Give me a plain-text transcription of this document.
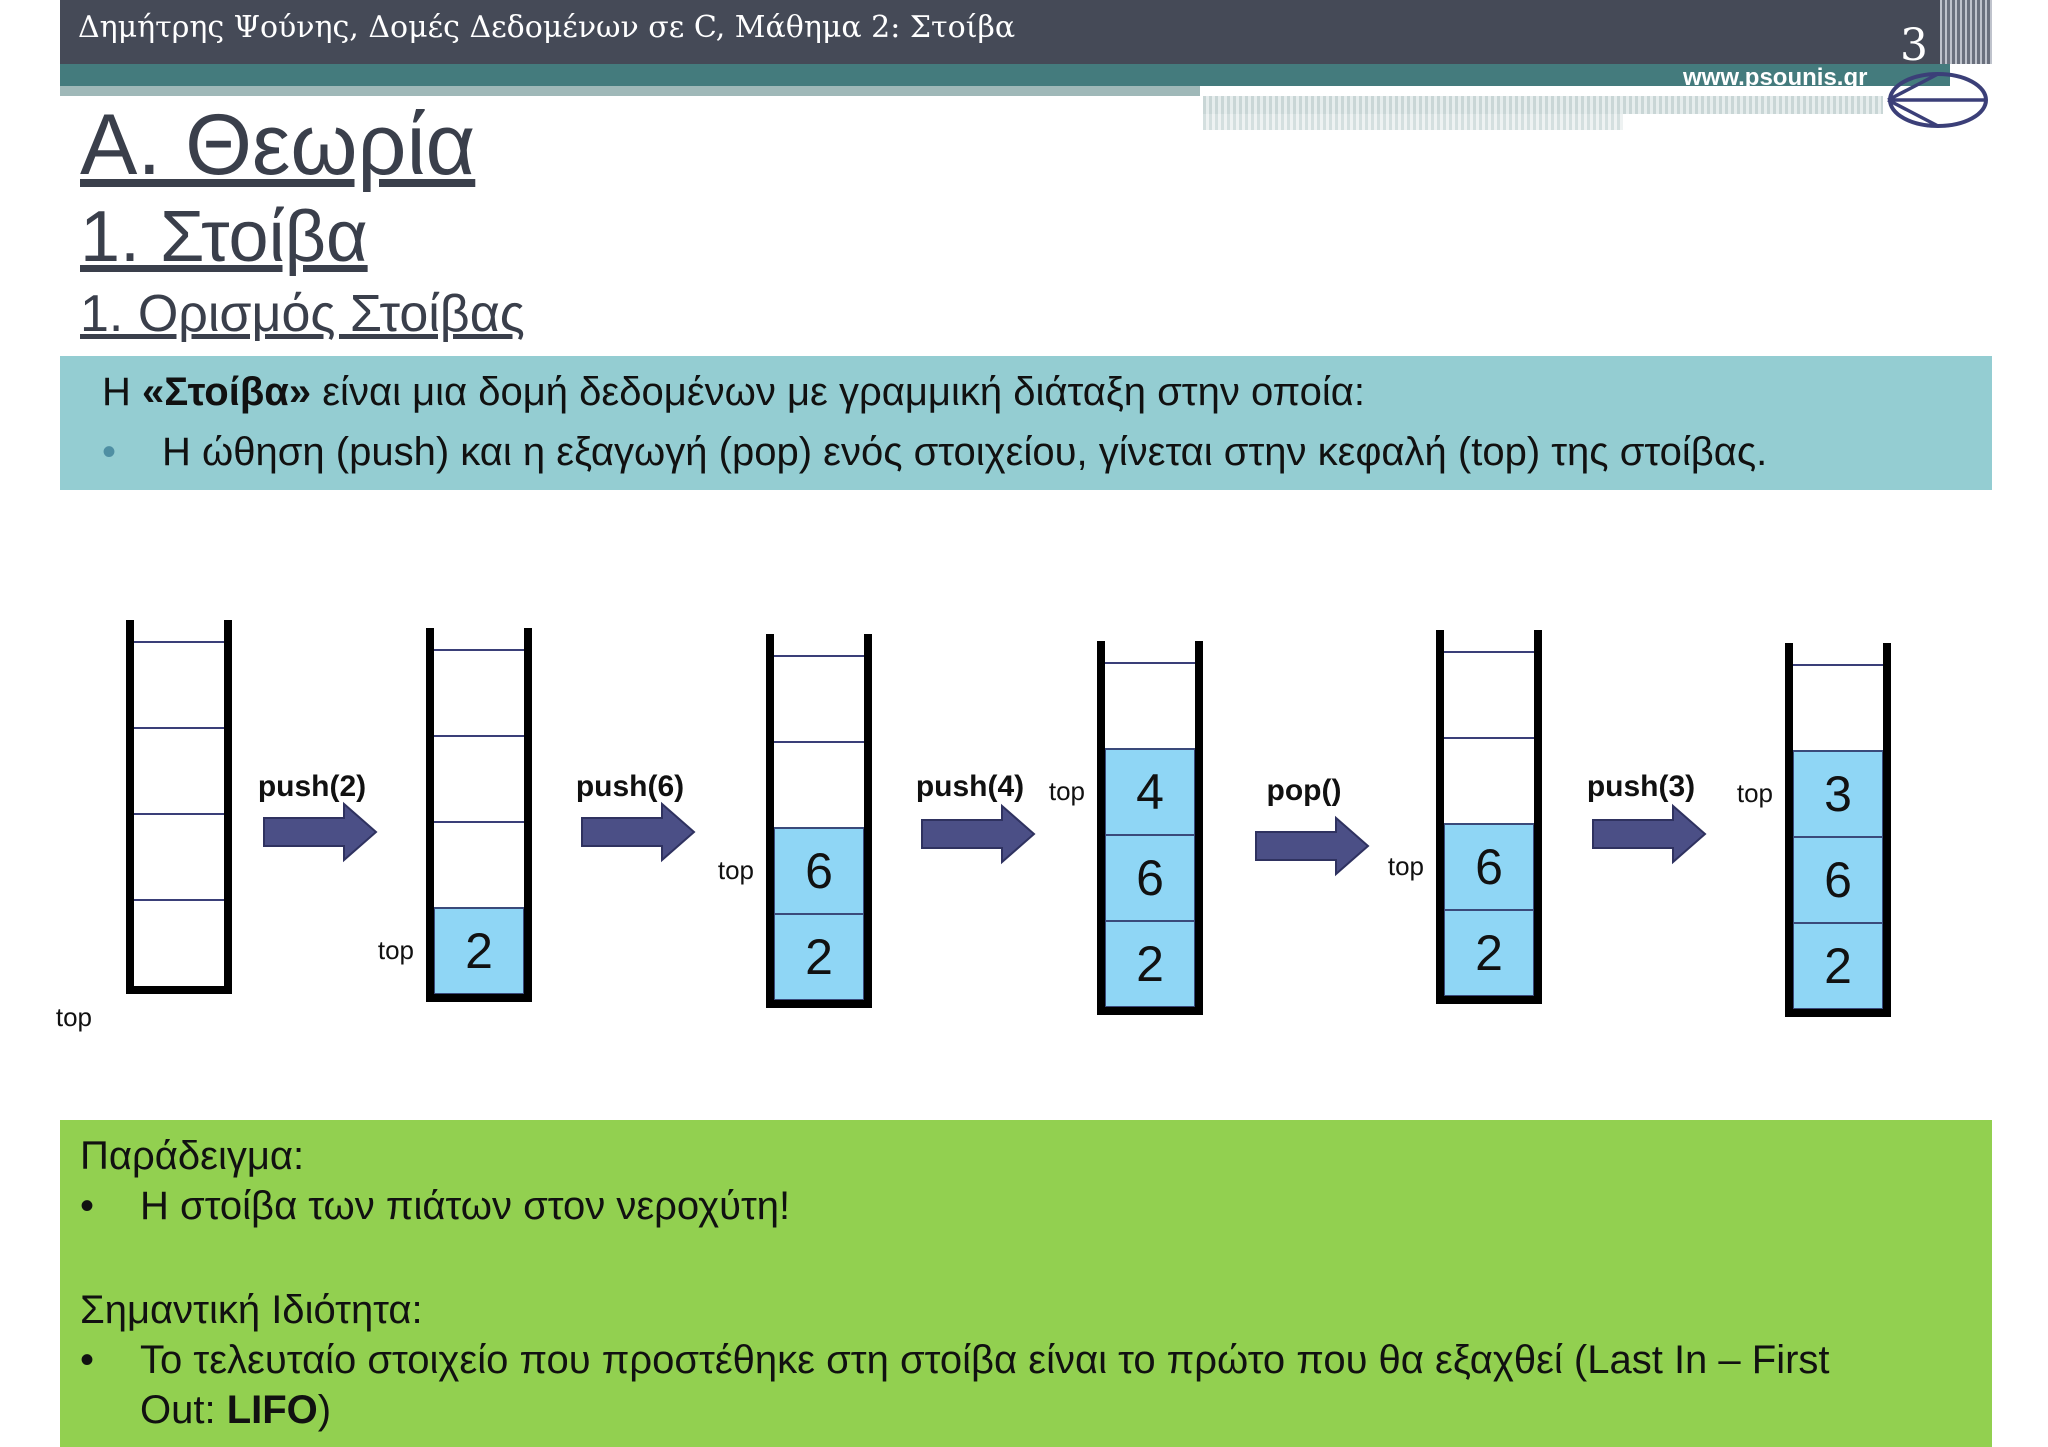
Δημήτρης Ψούνης, Δομές Δεδομένων σε C, Μάθημα 2: Στοίβα
www.psounis.gr
3
Α. Θεωρία
1. Στοίβα
1. Ορισμός Στοίβας
Η «Στοίβα» είναι μια δομή δεδομένων με γραμμική διάταξη στην οποία:
• Η ώθηση (push) και η εξαγωγή (pop) ενός στοιχείου, γίνεται στην κεφαλή (top) της στοίβας.
top
2
top	2
6
top
2
6
4
top
2
6
top
2
6
3
top
push(2)	push(6)	push(4)	pop()	push(3)
Παράδειγμα:
• Η στοίβα των πιάτων στον νεροχύτη!
Σημαντική Ιδιότητα:
• Το τελευταίο στοιχείο που προστέθηκε στη στοίβα είναι το πρώτο που θα εξαχθεί (Last In – First
Out: LIFO)
